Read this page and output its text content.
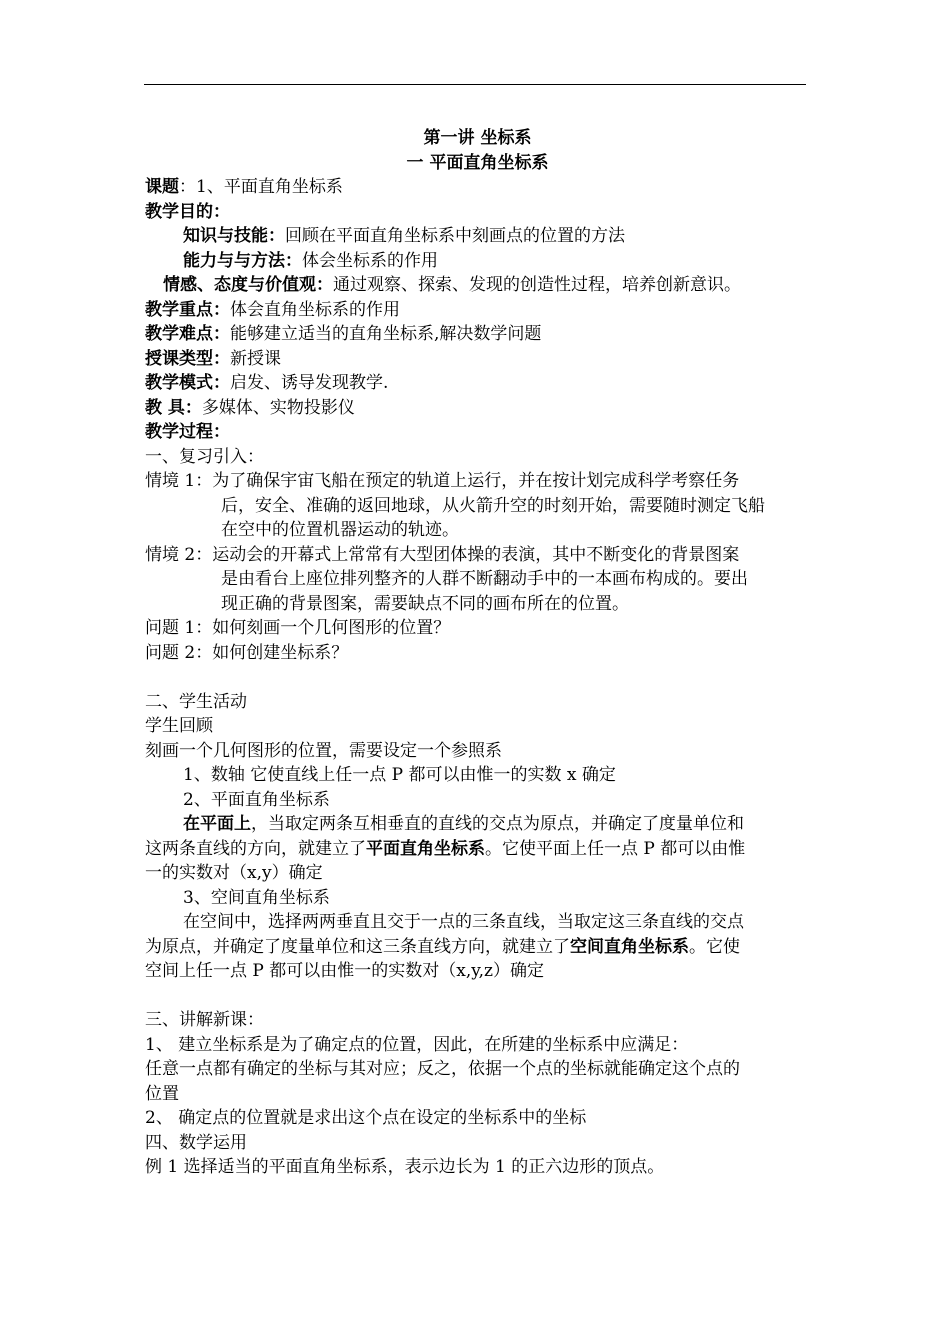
第一讲 坐标系
一 平面直角坐标系
课题：1、平面直角坐标系
教学目的：
知识与技能：回顾在平面直角坐标系中刻画点的位置的方法
能力与与方法：体会坐标系的作用
情感、态度与价值观：通过观察、探索、发现的创造性过程，培养创新意识。
教学重点：体会直角坐标系的作用
教学难点：能够建立适当的直角坐标系,解决数学问题
授课类型：新授课
教学模式：启发、诱导发现教学.
教 具：多媒体、实物投影仪
教学过程：
一、复习引入：
情境 1：为了确保宇宙飞船在预定的轨道上运行，并在按计划完成科学考察任务
后，安全、准确的返回地球，从火箭升空的时刻开始，需要随时测定飞船
在空中的位置机器运动的轨迹。
情境 2：运动会的开幕式上常常有大型团体操的表演，其中不断变化的背景图案
是由看台上座位排列整齐的人群不断翻动手中的一本画布构成的。要出
现正确的背景图案，需要缺点不同的画布所在的位置。
问题 1：如何刻画一个几何图形的位置？
问题 2：如何创建坐标系？
二、学生活动
学生回顾
刻画一个几何图形的位置，需要设定一个参照系
1、数轴 它使直线上任一点 P 都可以由惟一的实数 x 确定
2、平面直角坐标系
在平面上，当取定两条互相垂直的直线的交点为原点，并确定了度量单位和
这两条直线的方向，就建立了平面直角坐标系。它使平面上任一点 P 都可以由惟
一的实数对（x,y）确定
3、空间直角坐标系
在空间中，选择两两垂直且交于一点的三条直线，当取定这三条直线的交点
为原点，并确定了度量单位和这三条直线方向，就建立了空间直角坐标系。它使
空间上任一点 P 都可以由惟一的实数对（x,y,z）确定
三、讲解新课：
1、 建立坐标系是为了确定点的位置，因此，在所建的坐标系中应满足：
任意一点都有确定的坐标与其对应；反之，依据一个点的坐标就能确定这个点的
位置
2、 确定点的位置就是求出这个点在设定的坐标系中的坐标
四、数学运用
例 1 选择适当的平面直角坐标系，表示边长为 1 的正六边形的顶点。
